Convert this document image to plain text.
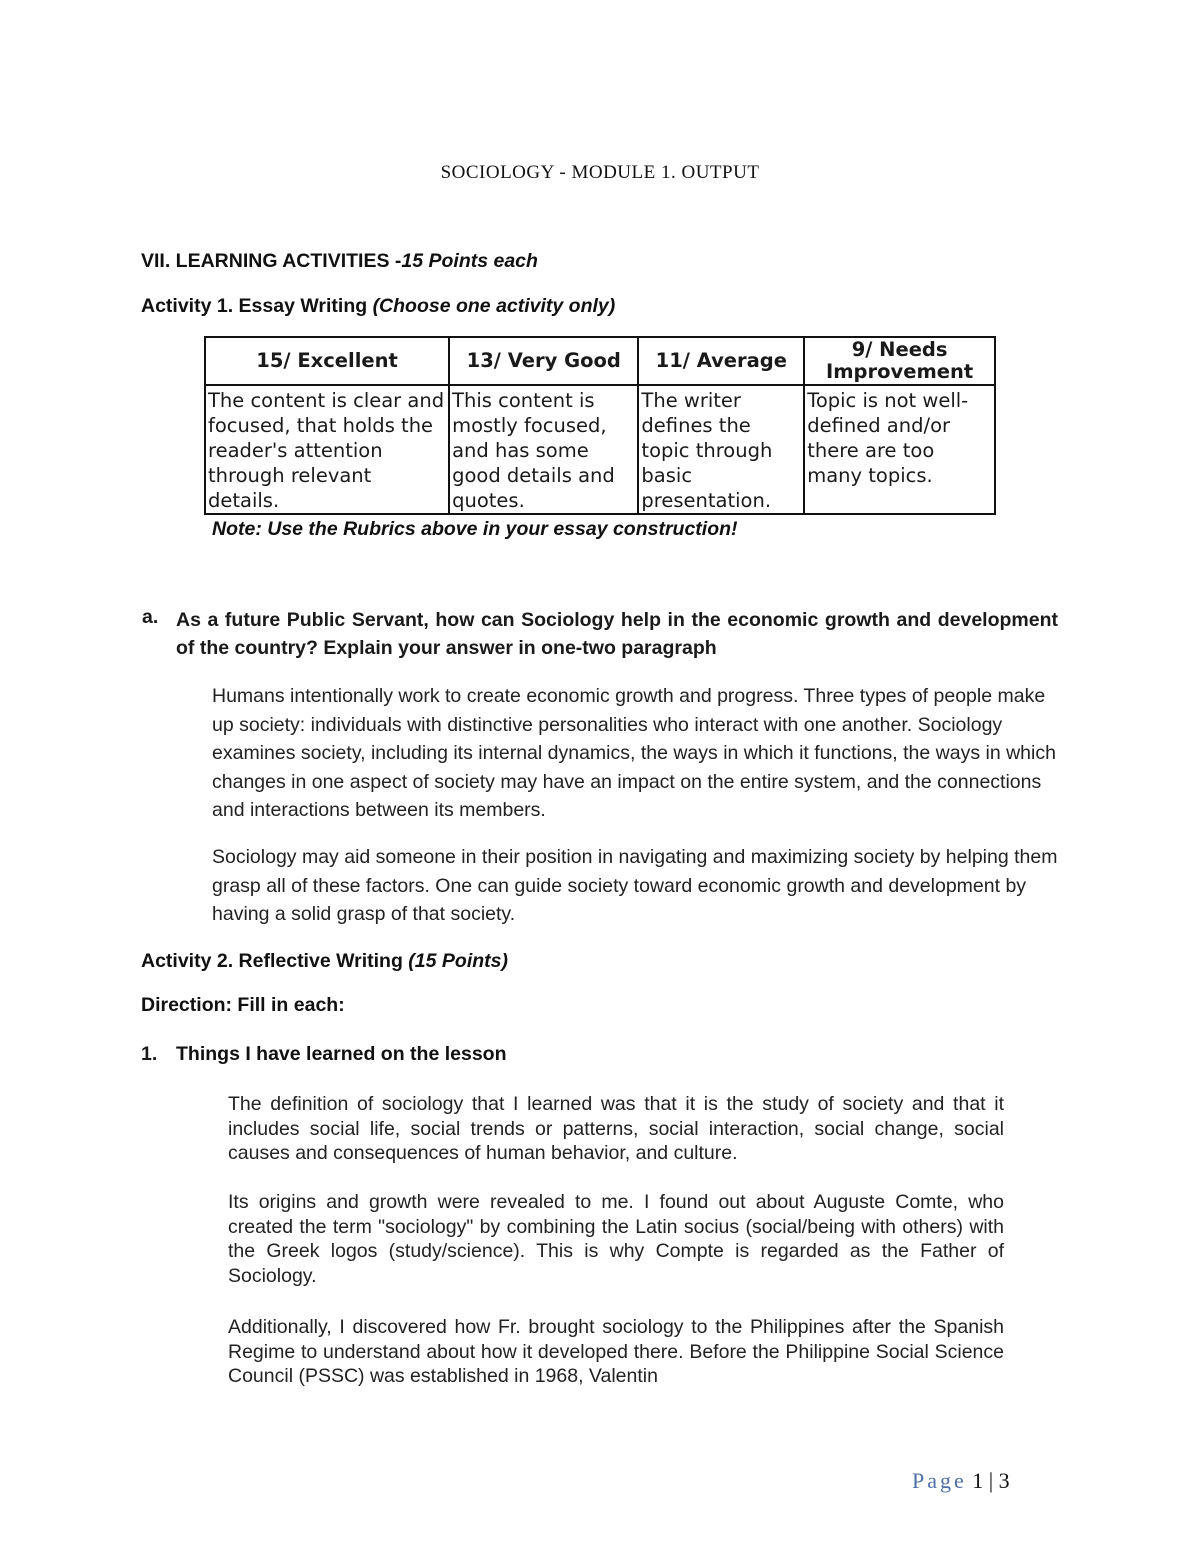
SOCIOLOGY - MODULE 1. OUTPUT
VII. LEARNING ACTIVITIES -15 Points each
Activity 1. Essay Writing (Choose one activity only)
15/ Excellent	13/ Very Good	11/ Average	9/ Needs Improvement
The content is clear and focused, that holds the reader's attention through relevant details.	This content is mostly focused, and has some good details and quotes.	The writer defines the topic through basic presentation.	Topic is not well-defined and/or there are too many topics.
Note: Use the Rubrics above in your essay construction!
a. As a future Public Servant, how can Sociology help in the economic growth and development of the country? Explain your answer in one-two paragraph
Humans intentionally work to create economic growth and progress. Three types of people make up society: individuals with distinctive personalities who interact with one another. Sociology examines society, including its internal dynamics, the ways in which it functions, the ways in which changes in one aspect of society may have an impact on the entire system, and the connections and interactions between its members.
Sociology may aid someone in their position in navigating and maximizing society by helping them grasp all of these factors. One can guide society toward economic growth and development by having a solid grasp of that society.
Activity 2. Reflective Writing (15 Points)
Direction: Fill in each:
1. Things I have learned on the lesson
The definition of sociology that I learned was that it is the study of society and that it includes social life, social trends or patterns, social interaction, social change, social causes and consequences of human behavior, and culture.
Its origins and growth were revealed to me. I found out about Auguste Comte, who created the term "sociology" by combining the Latin socius (social/being with others) with the Greek logos (study/science). This is why Compte is regarded as the Father of Sociology.
Additionally, I discovered how Fr. brought sociology to the Philippines after the Spanish Regime to understand about how it developed there. Before the Philippine Social Science Council (PSSC) was established in 1968, Valentin
Page 1 | 3
